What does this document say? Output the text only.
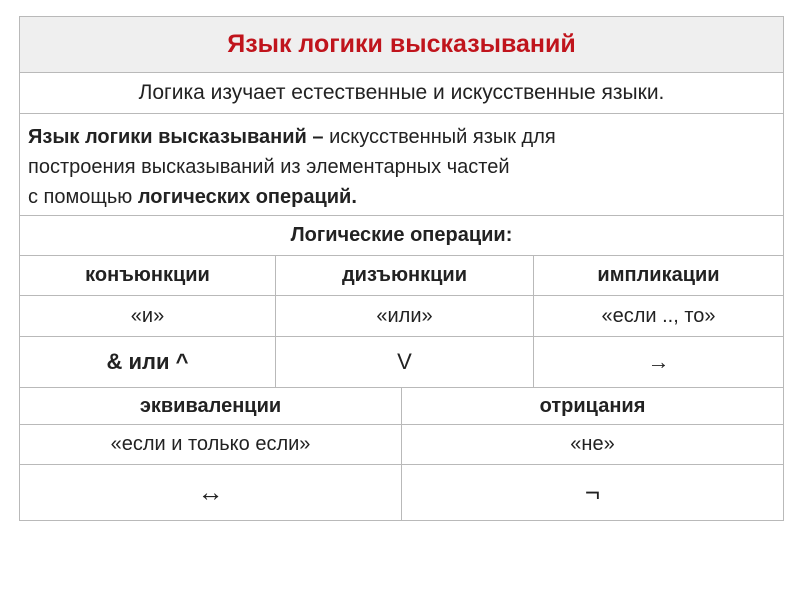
Язык логики высказываний
Логика изучает естественные и искусственные языки.
Язык логики высказываний – искусственный язык для
построения высказываний из элементарных частей
с помощью логических операций.
Логические операции:
конъюнкции	дизъюнкции	импликации
«и»	«или»	«если .., то»
& или ^	V	→
эквиваленции	отрицания
«если и только если»	«не»
↔	¬
